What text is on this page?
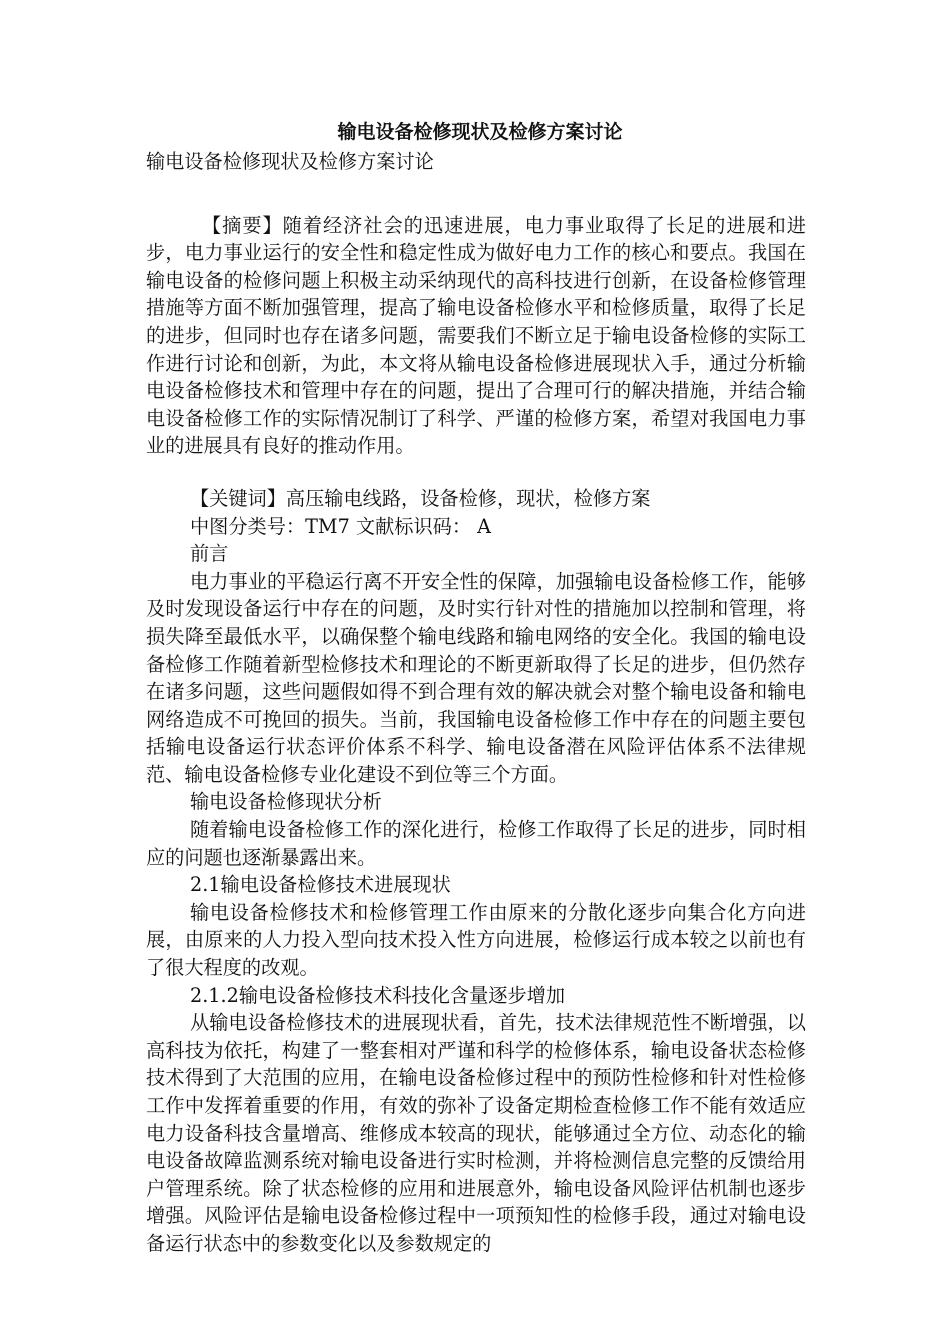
输电设备检修现状及检修方案讨论

输电设备检修现状及检修方案讨论

【摘要】随着经济社会的迅速进展，电力事业取得了长足的进展和进步，电力事业运行的安全性和稳定性成为做好电力工作的核心和要点。我国在输电设备的检修问题上积极主动采纳现代的高科技进行创新，在设备检修管理措施等方面不断加强管理，提高了输电设备检修水平和检修质量，取得了长足的进步，但同时也存在诸多问题，需要我们不断立足于输电设备检修的实际工作进行讨论和创新，为此，本文将从输电设备检修进展现状入手，通过分析输电设备检修技术和管理中存在的问题，提出了合理可行的解决措施，并结合输电设备检修工作的实际情况制订了科学、严谨的检修方案，希望对我国电力事业的进展具有良好的推动作用。

【关键词】高压输电线路，设备检修，现状，检修方案

中图分类号：TM7 文献标识码： A

前言

电力事业的平稳运行离不开安全性的保障，加强输电设备检修工作，能够及时发现设备运行中存在的问题，及时实行针对性的措施加以控制和管理，将损失降至最低水平，以确保整个输电线路和输电网络的安全化。我国的输电设备检修工作随着新型检修技术和理论的不断更新取得了长足的进步，但仍然存在诸多问题，这些问题假如得不到合理有效的解决就会对整个输电设备和输电网络造成不可挽回的损失。当前，我国输电设备检修工作中存在的问题主要包括输电设备运行状态评价体系不科学、输电设备潜在风险评估体系不法律规范、输电设备检修专业化建设不到位等三个方面。

输电设备检修现状分析

随着输电设备检修工作的深化进行，检修工作取得了长足的进步，同时相应的问题也逐渐暴露出来。

2.1输电设备检修技术进展现状

输电设备检修技术和检修管理工作由原来的分散化逐步向集合化方向进展，由原来的人力投入型向技术投入性方向进展，检修运行成本较之以前也有了很大程度的改观。

2.1.2输电设备检修技术科技化含量逐步增加

从输电设备检修技术的进展现状看，首先，技术法律规范性不断增强，以高科技为依托，构建了一整套相对严谨和科学的检修体系，输电设备状态检修技术得到了大范围的应用，在输电设备检修过程中的预防性检修和针对性检修工作中发挥着重要的作用，有效的弥补了设备定期检查检修工作不能有效适应电力设备科技含量增高、维修成本较高的现状，能够通过全方位、动态化的输电设备故障监测系统对输电设备进行实时检测，并将检测信息完整的反馈给用户管理系统。除了状态检修的应用和进展意外，输电设备风险评估机制也逐步增强。风险评估是输电设备检修过程中一项预知性的检修手段，通过对输电设备运行状态中的参数变化以及参数规定的
